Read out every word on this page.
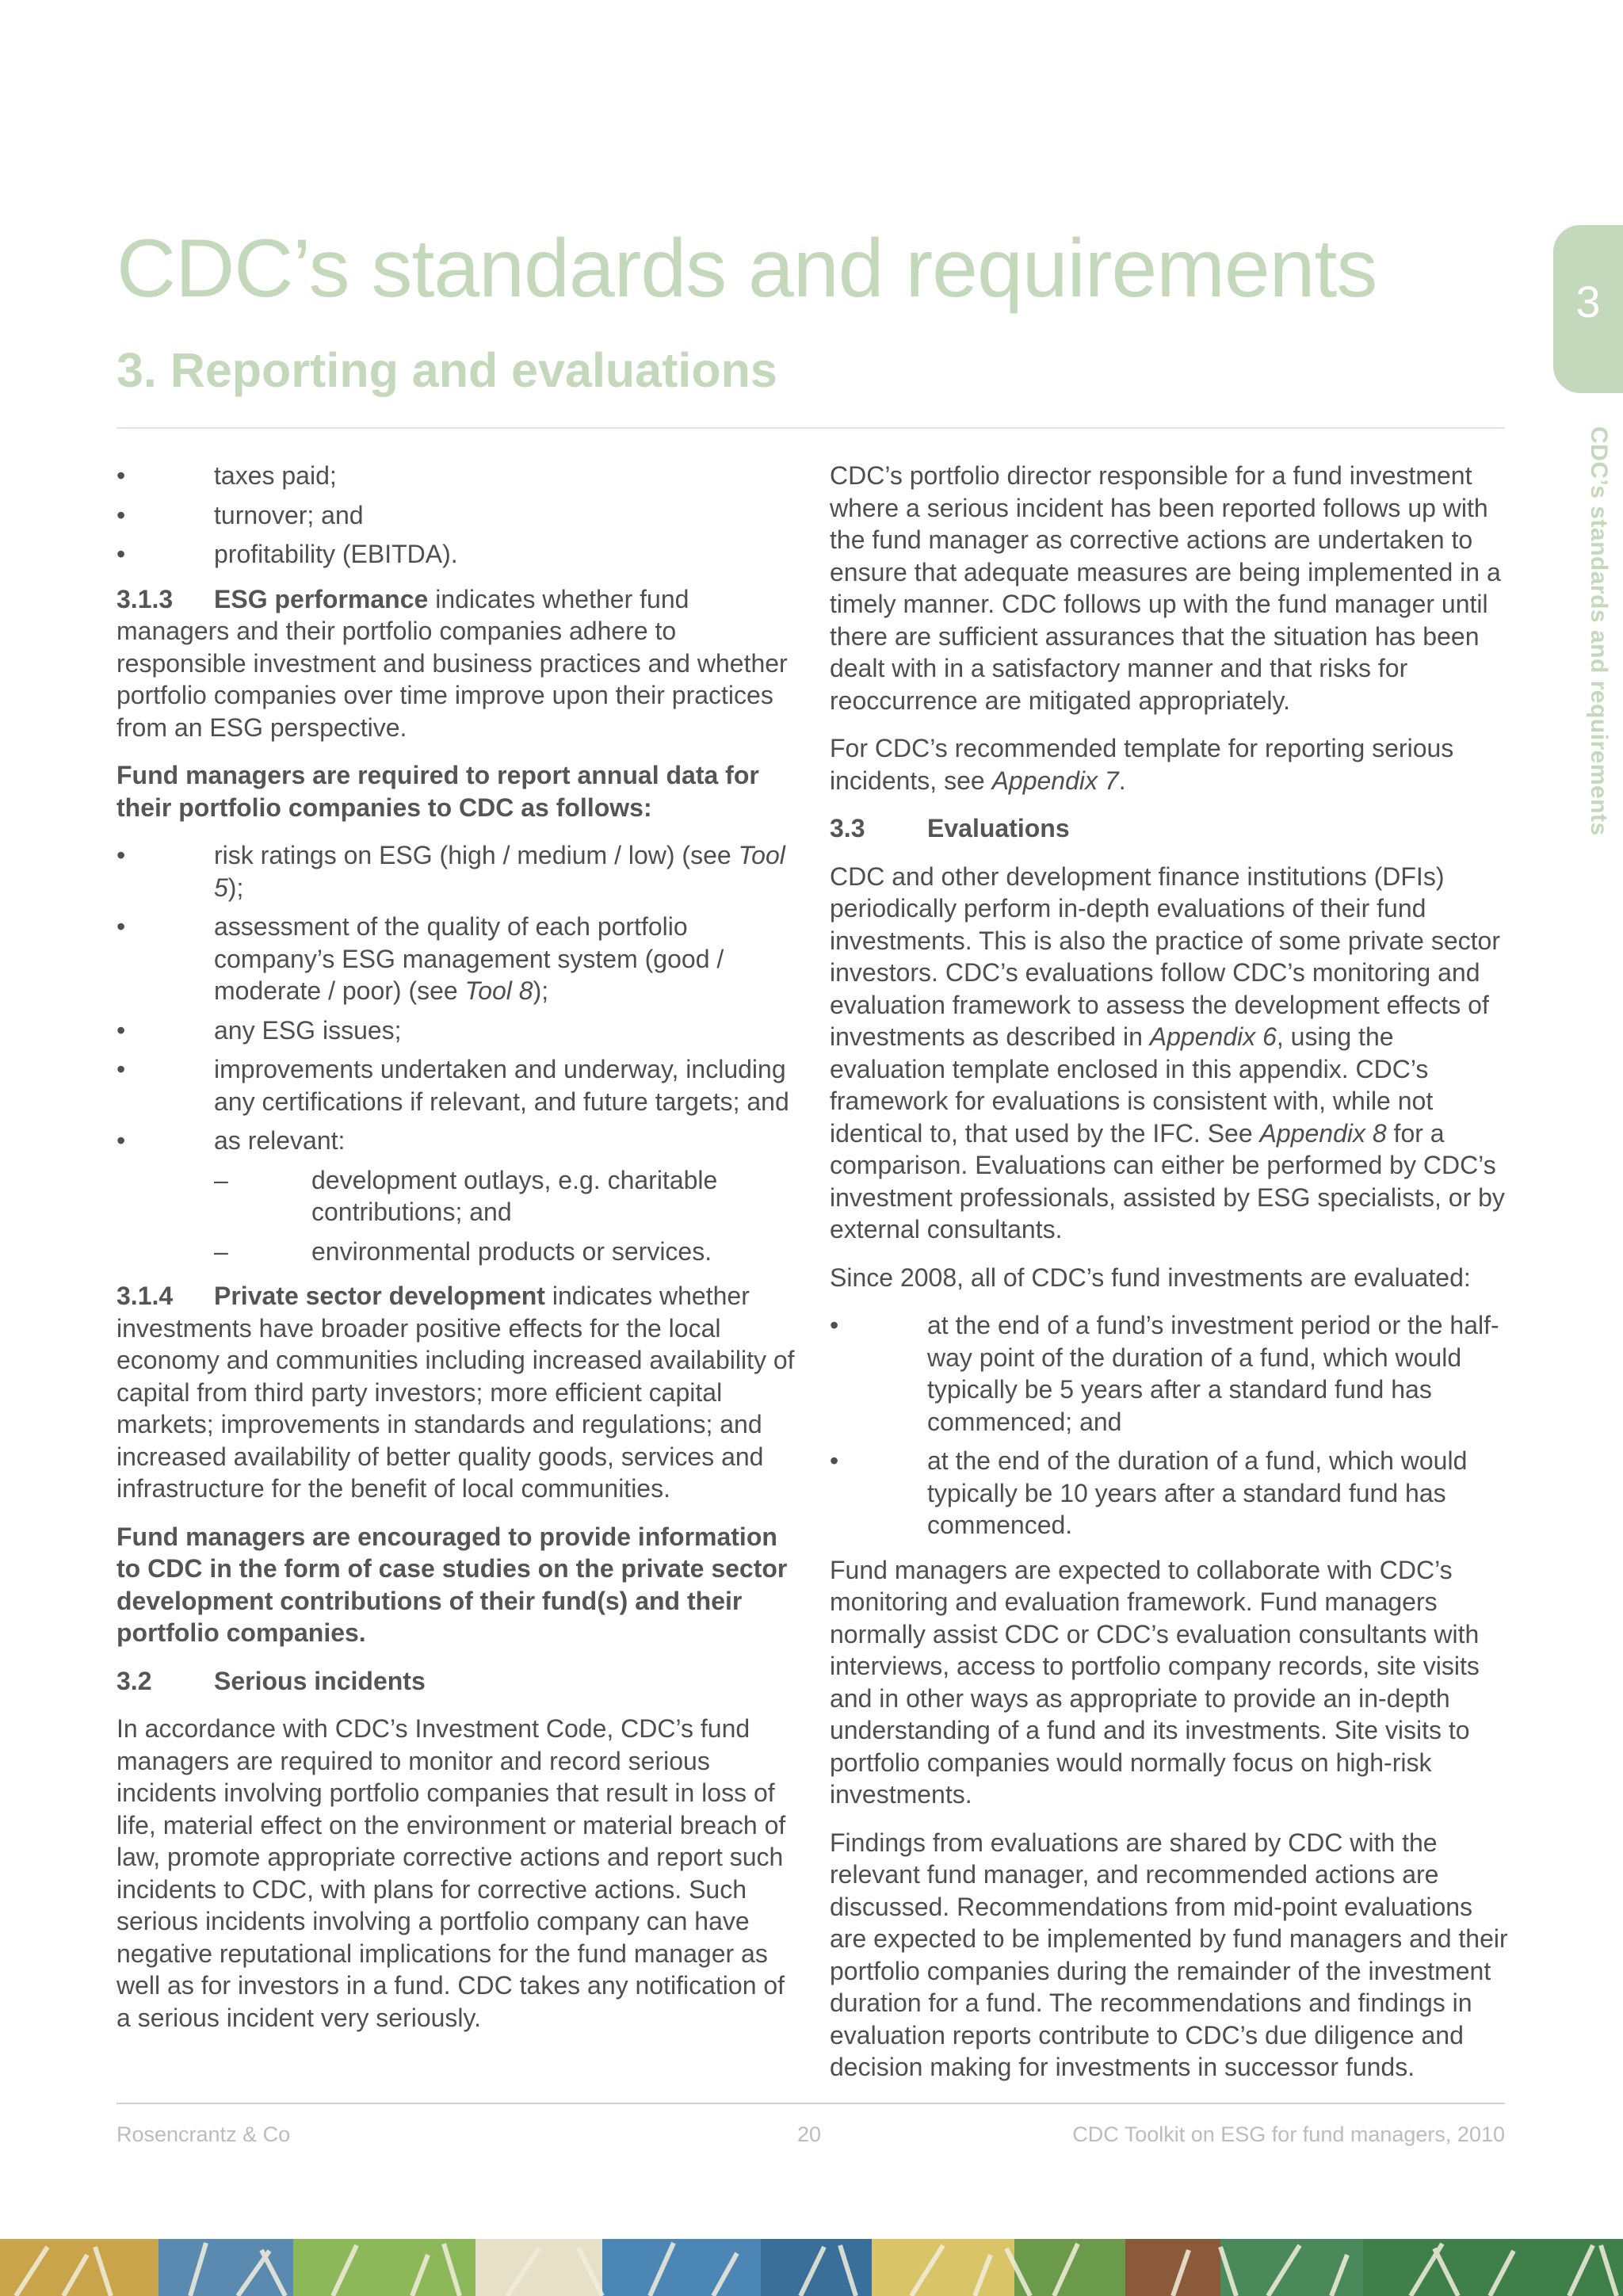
CDC’s standards and requirements
3. Reporting and evaluations
3
CDC’s standards and requirements
•	taxes paid;
•	turnover; and
•	profitability (EBITDA).

3.1.3 ESG performance indicates whether fund managers and their portfolio companies adhere to responsible investment and business practices and whether portfolio companies over time improve upon their practices from an ESG perspective.

Fund managers are required to report annual data for their portfolio companies to CDC as follows:

•	risk ratings on ESG (high / medium / low) (see Tool 5);
•	assessment of the quality of each portfolio company’s ESG management system (good / moderate / poor) (see Tool 8);
•	any ESG issues;
•	improvements undertaken and underway, including any certifications if relevant, and future targets; and
•	as relevant:
–	development outlays, e.g. charitable contributions; and
–	environmental products or services.

3.1.4 Private sector development indicates whether investments have broader positive effects for the local economy and communities including increased availability of capital from third party investors; more efficient capital markets; improvements in standards and regulations; and increased availability of better quality goods, services and infrastructure for the benefit of local communities.

Fund managers are encouraged to provide information to CDC in the form of case studies on the private sector development contributions of their fund(s) and their portfolio companies.

3.2 Serious incidents

In accordance with CDC’s Investment Code, CDC’s fund managers are required to monitor and record serious incidents involving portfolio companies that result in loss of life, material effect on the environment or material breach of law, promote appropriate corrective actions and report such incidents to CDC, with plans for corrective actions. Such serious incidents involving a portfolio company can have negative reputational implications for the fund manager as well as for investors in a fund. CDC takes any notification of a serious incident very seriously.

CDC’s portfolio director responsible for a fund investment where a serious incident has been reported follows up with the fund manager as corrective actions are undertaken to ensure that adequate measures are being implemented in a timely manner. CDC follows up with the fund manager until there are sufficient assurances that the situation has been dealt with in a satisfactory manner and that risks for reoccurrence are mitigated appropriately.

For CDC’s recommended template for reporting serious incidents, see Appendix 7.

3.3 Evaluations

CDC and other development finance institutions (DFIs) periodically perform in-depth evaluations of their fund investments. This is also the practice of some private sector investors. CDC’s evaluations follow CDC’s monitoring and evaluation framework to assess the development effects of investments as described in Appendix 6, using the evaluation template enclosed in this appendix. CDC’s framework for evaluations is consistent with, while not identical to, that used by the IFC. See Appendix 8 for a comparison. Evaluations can either be performed by CDC’s investment professionals, assisted by ESG specialists, or by external consultants.

Since 2008, all of CDC’s fund investments are evaluated:

•	at the end of a fund’s investment period or the half-way point of the duration of a fund, which would typically be 5 years after a standard fund has commenced; and
•	at the end of the duration of a fund, which would typically be 10 years after a standard fund has commenced.

Fund managers are expected to collaborate with CDC’s monitoring and evaluation framework. Fund managers normally assist CDC or CDC’s evaluation consultants with interviews, access to portfolio company records, site visits and in other ways as appropriate to provide an in-depth understanding of a fund and its investments. Site visits to portfolio companies would normally focus on high-risk investments.

Findings from evaluations are shared by CDC with the relevant fund manager, and recommended actions are discussed. Recommendations from mid-point evaluations are expected to be implemented by fund managers and their portfolio companies during the remainder of the investment duration for a fund. The recommendations and findings in evaluation reports contribute to CDC’s due diligence and decision making for investments in successor funds.

Rosencrantz & Co	20	CDC Toolkit on ESG for fund managers, 2010
